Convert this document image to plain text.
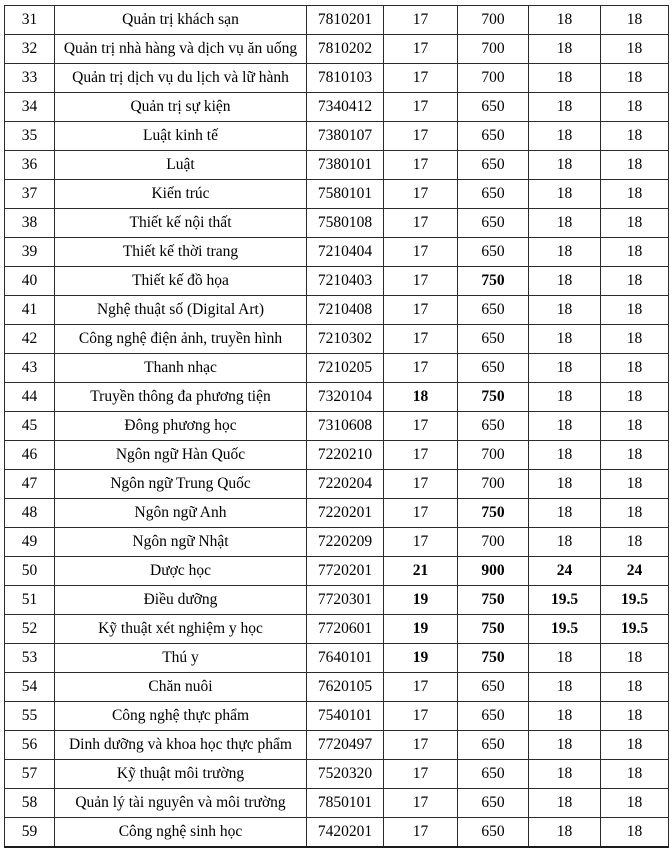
31	Quản trị khách sạn	7810201	17	700	18	18
32	Quản trị nhà hàng và dịch vụ ăn uống	7810202	17	700	18	18
33	Quản trị dịch vụ du lịch và lữ hành	7810103	17	700	18	18
34	Quản trị sự kiện	7340412	17	650	18	18
35	Luật kinh tế	7380107	17	650	18	18
36	Luật	7380101	17	650	18	18
37	Kiến trúc	7580101	17	650	18	18
38	Thiết kế nội thất	7580108	17	650	18	18
39	Thiết kế thời trang	7210404	17	650	18	18
40	Thiết kế đồ họa	7210403	17	750	18	18
41	Nghệ thuật số (Digital Art)	7210408	17	650	18	18
42	Công nghệ điện ảnh, truyền hình	7210302	17	650	18	18
43	Thanh nhạc	7210205	17	650	18	18
44	Truyền thông đa phương tiện	7320104	18	750	18	18
45	Đông phương học	7310608	17	650	18	18
46	Ngôn ngữ Hàn Quốc	7220210	17	700	18	18
47	Ngôn ngữ Trung Quốc	7220204	17	700	18	18
48	Ngôn ngữ Anh	7220201	17	750	18	18
49	Ngôn ngữ Nhật	7220209	17	700	18	18
50	Dược học	7720201	21	900	24	24
51	Điều dưỡng	7720301	19	750	19.5	19.5
52	Kỹ thuật xét nghiệm y học	7720601	19	750	19.5	19.5
53	Thú y	7640101	19	750	18	18
54	Chăn nuôi	7620105	17	650	18	18
55	Công nghệ thực phẩm	7540101	17	650	18	18
56	Dinh dưỡng và khoa học thực phẩm	7720497	17	650	18	18
57	Kỹ thuật môi trường	7520320	17	650	18	18
58	Quản lý tài nguyên và môi trường	7850101	17	650	18	18
59	Công nghệ sinh học	7420201	17	650	18	18
